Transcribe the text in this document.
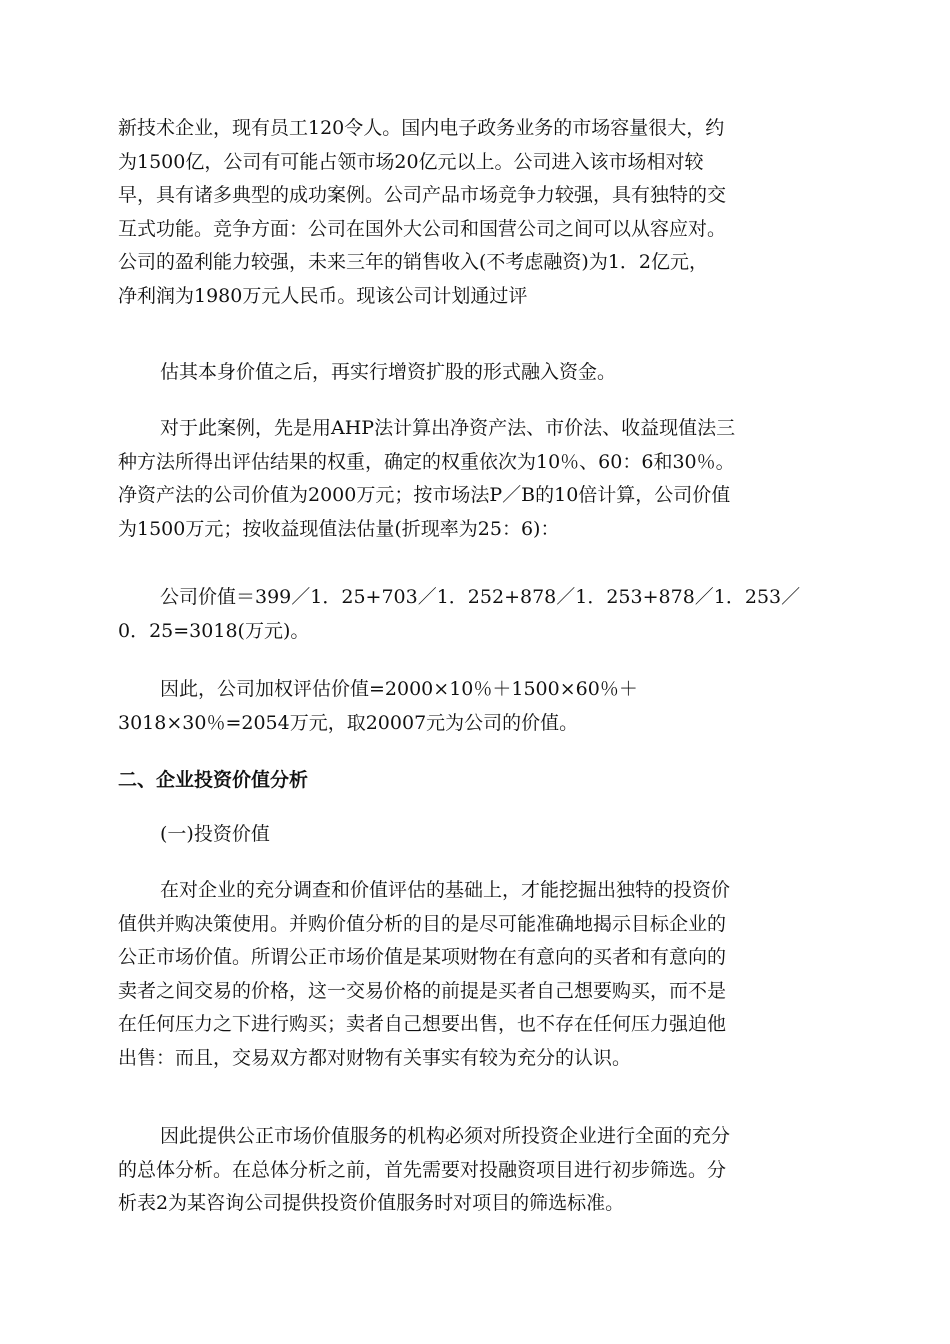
新技术企业，现有员工120令人。国内电子政务业务的市场容量很大，约
为1500亿，公司有可能占领市场20亿元以上。公司进入该市场相对较
早，具有诸多典型的成功案例。公司产品市场竞争力较强，具有独特的交
互式功能。竞争方面：公司在国外大公司和国营公司之间可以从容应对。
公司的盈利能力较强，未来三年的销售收入(不考虑融资)为1．2亿元，
净利润为1980万元人民币。现该公司计划通过评
估其本身价值之后，再实行增资扩股的形式融入资金。
对于此案例，先是用AHP法计算出净资产法、市价法、收益现值法三
种方法所得出评估结果的权重，确定的权重依次为10％、60：6和30％。
净资产法的公司价值为2000万元；按市场法P／B的10倍计算，公司价值
为1500万元；按收益现值法估量(折现率为25：6)：
公司价值＝399／1．25+703／1．252+878／1．253+878／1．253／
0．25=3018(万元)。
因此，公司加权评估价值=2000×10％＋1500×60％＋
3018×30％=2054万元，取20007元为公司的价值。
二、企业投资价值分析
(一)投资价值
在对企业的充分调查和价值评估的基础上，才能挖掘出独特的投资价
值供并购决策使用。并购价值分析的目的是尽可能准确地揭示目标企业的
公正市场价值。所谓公正市场价值是某项财物在有意向的买者和有意向的
卖者之间交易的价格，这一交易价格的前提是买者自己想要购买，而不是
在任何压力之下进行购买；卖者自己想要出售，也不存在任何压力强迫他
出售：而且，交易双方都对财物有关事实有较为充分的认识。
因此提供公正市场价值服务的机构必须对所投资企业进行全面的充分
的总体分析。在总体分析之前，首先需要对投融资项目进行初步筛选。分
析表2为某咨询公司提供投资价值服务时对项目的筛选标准。
